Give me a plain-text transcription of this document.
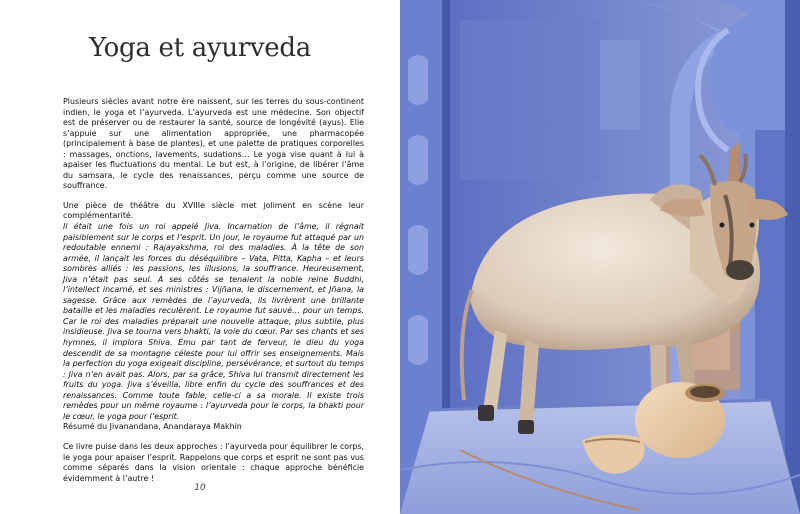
Yoga et ayurveda

Plusieurs siècles avant notre ère naissent, sur les terres du sous-continent indien, le yoga et l’ayurveda. L’ayurveda est une médecine. Son objectif est de préserver ou de restaurer la santé, source de longévité (ayus). Elle s’appuie sur une alimentation appropriée, une pharmacopée (principalement à base de plantes), et une palette de pratiques corporelles : massages, onctions, lavements, sudations… Le yoga vise quant à lui à apaiser les fluctuations du mental. Le but est, à l’origine, de libérer l’âme du samsara, le cycle des renaissances, perçu comme une source de souffrance.

Une pièce de théâtre du XVIIIe siècle met joliment en scène leur complémentarité.

Il était une fois un roi appelé Jiva. Incarnation de l’âme, il régnait paisiblement sur le corps et l’esprit. Un jour, le royaume fut attaqué par un redoutable ennemi : Rajayakshma, roi des maladies. À la tête de son armée, il lançait les forces du déséquilibre – Vata, Pitta, Kapha – et leurs sombres alliés : les passions, les illusions, la souffrance. Heureusement, Jiva n’était pas seul. À ses côtés se tenaient la noble reine Buddhi, l’intellect incarné, et ses ministres : Vijñana, le discernement, et Jñana, la sagesse. Grâce aux remèdes de l’ayurveda, ils livrèrent une brillante bataille et les maladies reculèrent. Le royaume fut sauvé… pour un temps. Car le roi des maladies préparait une nouvelle attaque, plus subtile, plus insidieuse. Jiva se tourna vers bhakti, la voie du cœur. Par ses chants et ses hymnes, il implora Shiva. Ému par tant de ferveur, le dieu du yoga descendit de sa montagne céleste pour lui offrir ses enseignements. Mais la perfection du yoga exigeait discipline, persévérance, et surtout du temps : Jiva n’en avait pas. Alors, par sa grâce, Shiva lui transmit directement les fruits du yoga. Jiva s’éveilla, libre enfin du cycle des souffrances et des renaissances. Comme toute fable, celle-ci a sa morale. Il existe trois remèdes pour un même royaume : l’ayurveda pour le corps, la bhakti pour le cœur, le yoga pour l’esprit.

Résumé du Jivanandana, Anandaraya Makhin

Ce livre puise dans les deux approches : l’ayurveda pour équilibrer le corps, le yoga pour apaiser l’esprit. Rappelons que corps et esprit ne sont pas vus comme séparés dans la vision orientale : chaque approche bénéficie évidemment à l’autre !

10
